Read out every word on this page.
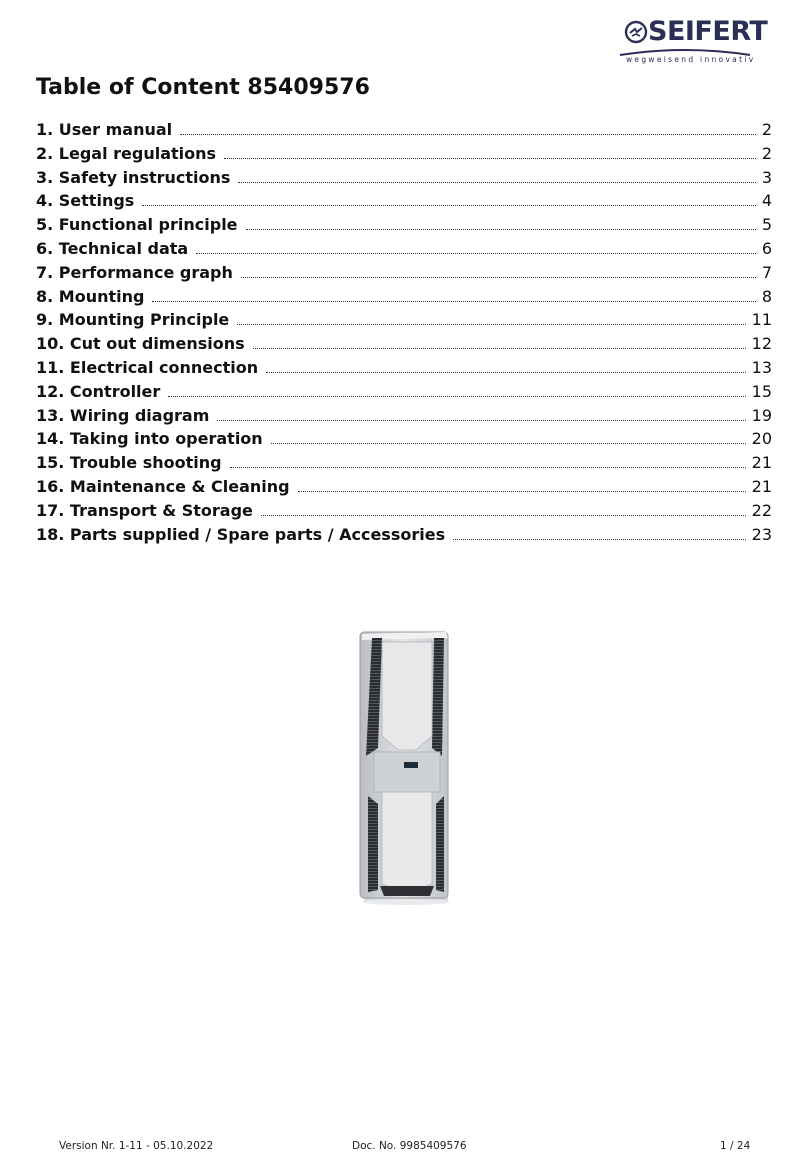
SEIFERT
wegweisend innovativ
Table of Content 85409576
1. User manual	2
2. Legal regulations	2
3. Safety instructions	3
4. Settings	4
5. Functional principle	5
6. Technical data	6
7. Performance graph	7
8. Mounting	8
9. Mounting Principle	11
10. Cut out dimensions	12
11. Electrical connection	13
12. Controller	15
13. Wiring diagram	19
14. Taking into operation	20
15. Trouble shooting	21
16. Maintenance & Cleaning	21
17. Transport & Storage	22
18. Parts supplied / Spare parts / Accessories	23
Version Nr. 1-11 - 05.10.2022	Doc. No. 9985409576	1 / 24
